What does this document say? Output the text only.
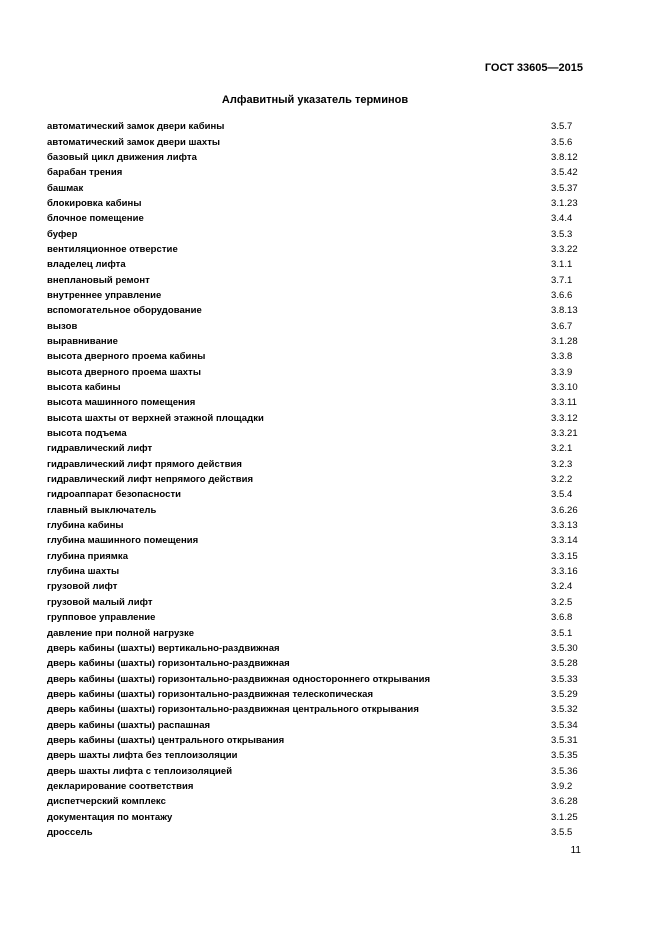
ГОСТ 33605—2015
Алфавитный указатель терминов
автоматический замок двери кабины	3.5.7
автоматический замок двери шахты	3.5.6
базовый цикл движения лифта	3.8.12
барабан трения	3.5.42
башмак	3.5.37
блокировка кабины	3.1.23
блочное помещение	3.4.4
буфер	3.5.3
вентиляционное отверстие	3.3.22
владелец лифта	3.1.1
внеплановый ремонт	3.7.1
внутреннее управление	3.6.6
вспомогательное оборудование	3.8.13
вызов	3.6.7
выравнивание	3.1.28
высота дверного проема кабины	3.3.8
высота дверного проема шахты	3.3.9
высота кабины	3.3.10
высота машинного помещения	3.3.11
высота шахты от верхней этажной площадки	3.3.12
высота подъема	3.3.21
гидравлический лифт	3.2.1
гидравлический лифт прямого действия	3.2.3
гидравлический лифт непрямого действия	3.2.2
гидроаппарат безопасности	3.5.4
главный выключатель	3.6.26
глубина кабины	3.3.13
глубина машинного помещения	3.3.14
глубина приямка	3.3.15
глубина шахты	3.3.16
грузовой лифт	3.2.4
грузовой малый лифт	3.2.5
групповое управление	3.6.8
давление при полной нагрузке	3.5.1
дверь кабины (шахты) вертикально-раздвижная	3.5.30
дверь кабины (шахты) горизонтально-раздвижная	3.5.28
дверь кабины (шахты) горизонтально-раздвижная одностороннего открывания	3.5.33
дверь кабины (шахты) горизонтально-раздвижная телескопическая	3.5.29
дверь кабины (шахты) горизонтально-раздвижная центрального открывания	3.5.32
дверь кабины (шахты) распашная	3.5.34
дверь кабины (шахты) центрального открывания	3.5.31
дверь шахты лифта без теплоизоляции	3.5.35
дверь шахты лифта с теплоизоляцией	3.5.36
декларирование соответствия	3.9.2
диспетчерский комплекс	3.6.28
документация по монтажу	3.1.25
дроссель	3.5.5
11
